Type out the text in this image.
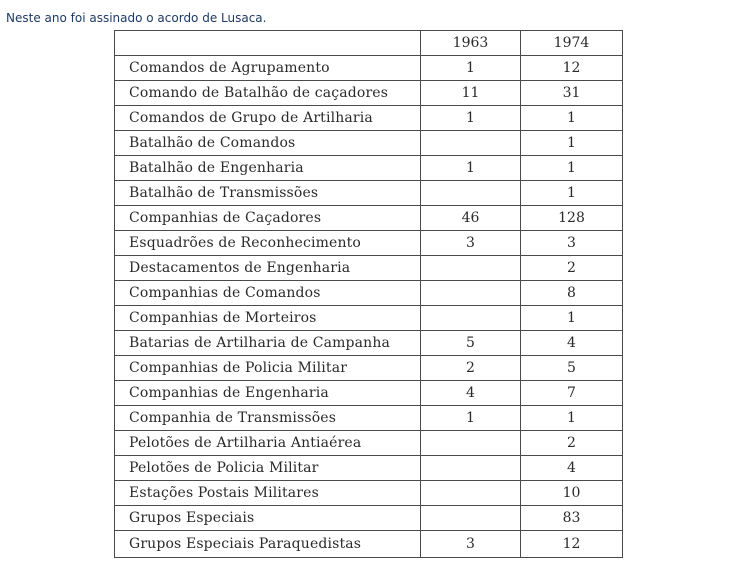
Neste ano foi assinado o acordo de Lusaca.

	1963	1974
Comandos de Agrupamento	1	12
Comando de Batalhão de caçadores	11	31
Comandos de Grupo de Artilharia	1	1
Batalhão de Comandos		1
Batalhão de Engenharia	1	1
Batalhão de Transmissões		1
Companhias de Caçadores	46	128
Esquadrões de Reconhecimento	3	3
Destacamentos de Engenharia		2
Companhias de Comandos		8
Companhias de Morteiros		1
Batarias de Artilharia de Campanha	5	4
Companhias de Policia Militar	2	5
Companhias de Engenharia	4	7
Companhia de Transmissões	1	1
Pelotões de Artilharia Antiaérea		2
Pelotões de Policia Militar		4
Estações Postais Militares		10
Grupos Especiais		83
Grupos Especiais Paraquedistas	3	12
